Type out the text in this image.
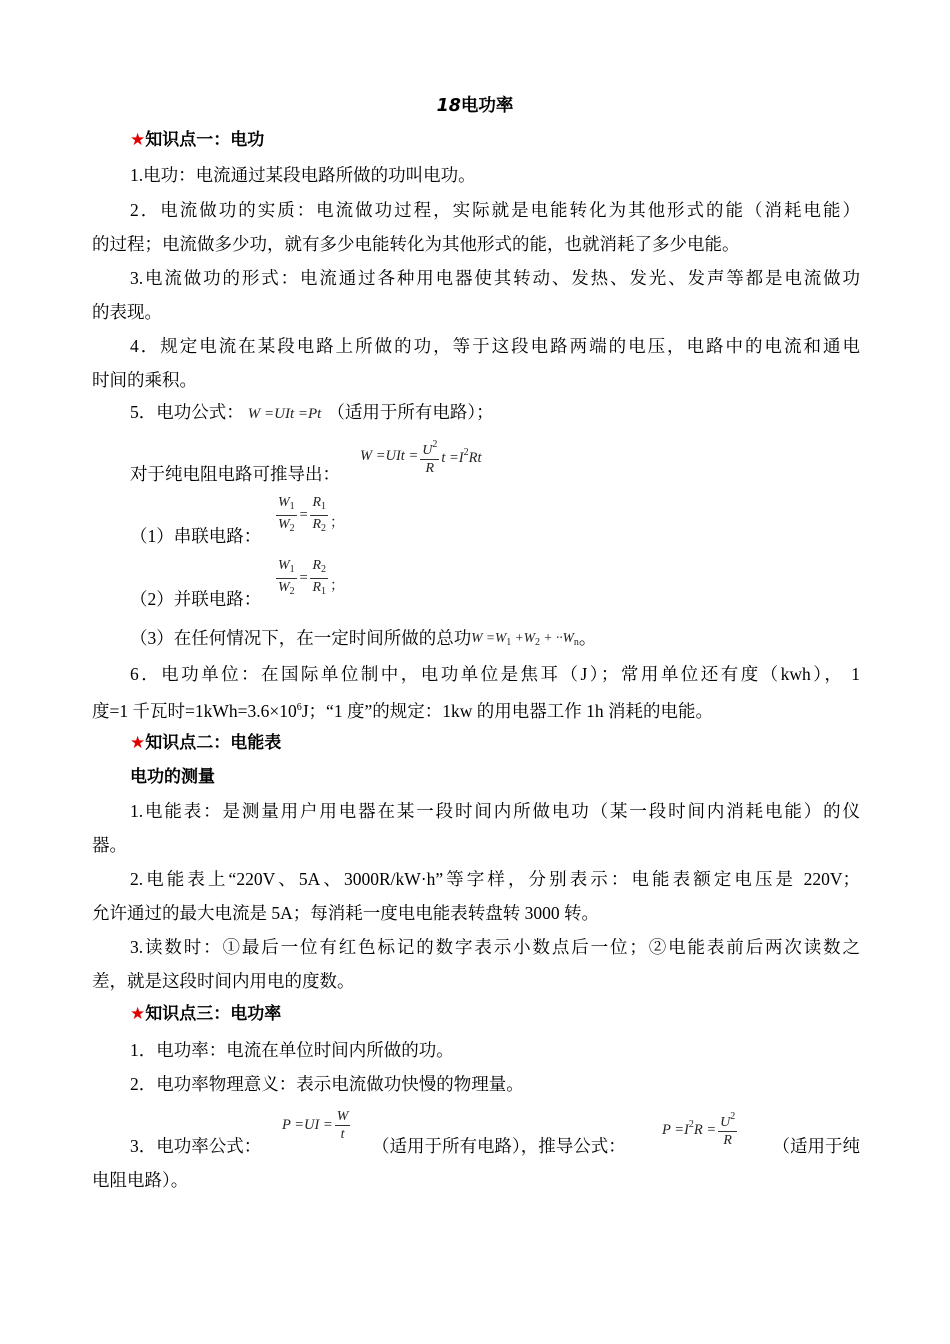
18电功率
★知识点一：电功
1.电功：电流通过某段电路所做的功叫电功。
2．电流做功的实质：电流做功过程，实际就是电能转化为其他形式的能（消耗电能）
的过程；电流做多少功，就有多少电能转化为其他形式的能，也就消耗了多少电能。
3.电流做功的形式：电流通过各种用电器使其转动、发热、发光、发声等都是电流做功
的表现。
4．规定电流在某段电路上所做的功，等于这段电路两端的电压，电路中的电流和通电
时间的乘积。
5．电功公式： W =UIt =Pt （适用于所有电路）；
对于纯电阻电路可推导出：
$W =UIt = \frac{U^2}{R}$ $t =I^2Rt$
（1）串联电路：	$\frac{W_1}{W_2} = \frac{R_1}{R_2}$ ；
（2）并联电路：	$\frac{W_1}{W_2} = \frac{R_2}{R_1}$ ；
（3）在任何情况下，在一定时间所做的总功$W =W_1 +W_2 + \cdot\cdot W_n$。
6．电功单位：在国际单位制中，电功单位是焦耳（J）；常用单位还有度（kwh）， 1
度=1 千瓦时$=1kWh=3.6\times 10^6J$；“1 度”的规定：1kw 的用电器工作 1h 消耗的电能。
★知识点二：电能表
电功的测量
1.电能表：是测量用户用电器在某一段时间内所做电功（某一段时间内消耗电能）的仪
器。
2.电能表上“220V、5A、3000R/kW·h”等字样，分别表示：电能表额定电压是 220V；
允许通过的最大电流是 5A；每消耗一度电电能表转盘转 3000 转。
3.读数时：①最后一位有红色标记的数字表示小数点后一位；②电能表前后两次读数之
差，就是这段时间内用电的度数。
★知识点三：电功率
1．电功率：电流在单位时间内所做的功。
2．电功率物理意义：表示电流做功快慢的物理量。
3．电功率公式：
$P =UI = \frac{W}{t}$
（适用于所有电路），推导公式：
$P =I^2R = \frac{U^2}{R}$ （适用于纯
电阻电路）。
